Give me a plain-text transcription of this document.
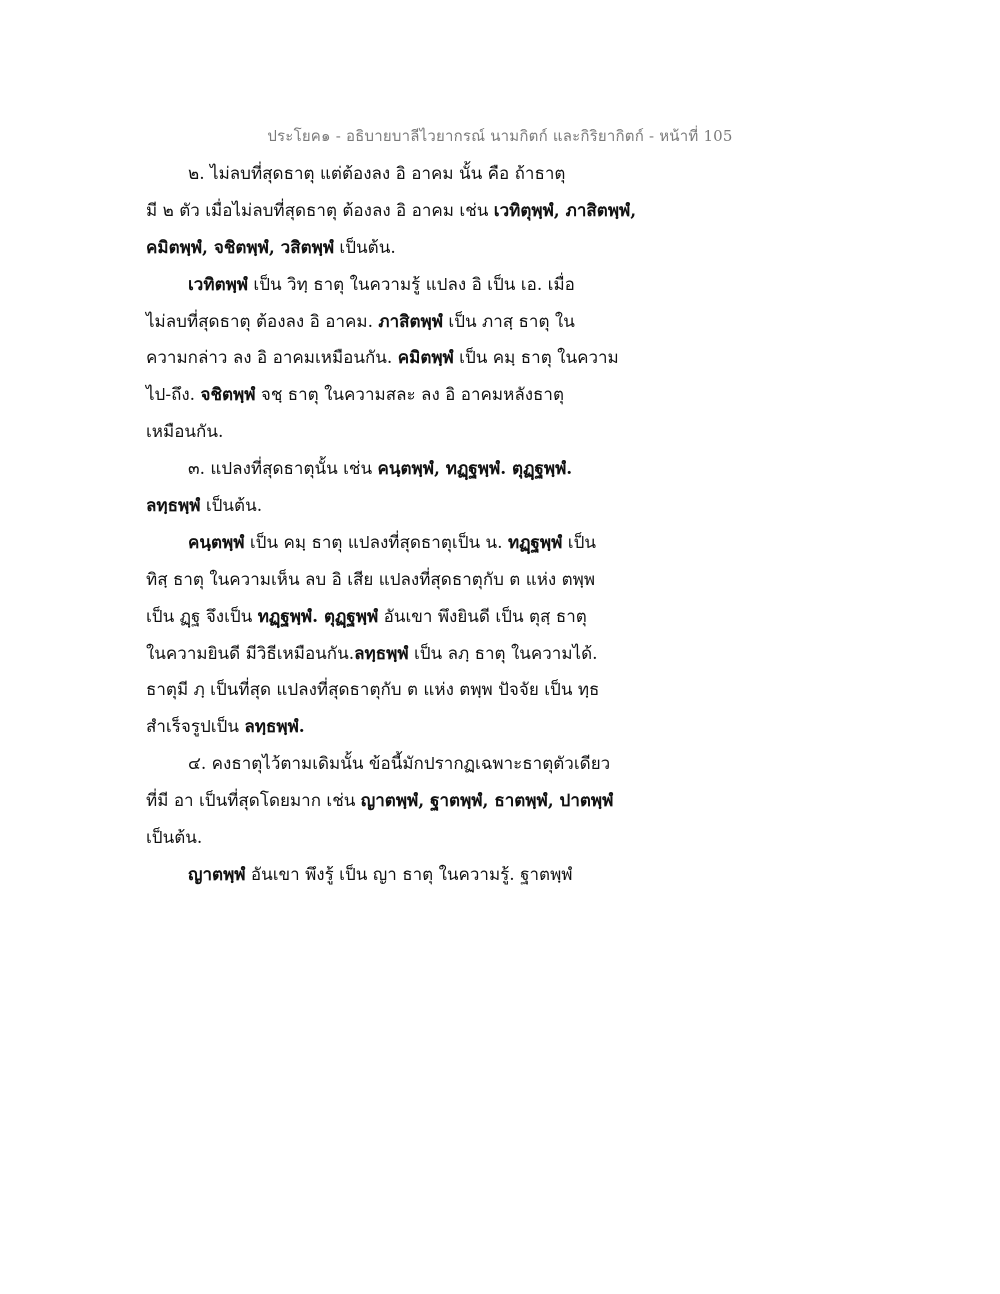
ประโยค๑ - อธิบายบาลีไวยากรณ์ นามกิตก์ และกิริยากิตก์ - หน้าที่ 105
๒. ไม่ลบที่สุดธาตุ แต่ต้องลง อิ อาคม นั้น คือ ถ้าธาตุ
มี ๒ ตัว เมื่อไม่ลบที่สุดธาตุ ต้องลง อิ อาคม เช่น เวทิตุพฺพํ, ภาสิตพฺพํ,
คมิตพฺพํ, จชิตพฺพํ, วสิตพฺพํ เป็นต้น.
เวทิตพฺพํ เป็น วิทฺ ธาตุ ในความรู้ แปลง อิ เป็น เอ. เมื่อ
ไม่ลบที่สุดธาตุ ต้องลง อิ อาคม. ภาสิตพฺพํ เป็น ภาสฺ ธาตุ ใน
ความกล่าว ลง อิ อาคมเหมือนกัน. คมิตพฺพํ เป็น คมฺ ธาตุ ในความ
ไป-ถึง. จชิตพฺพํ จชฺ ธาตุ ในความสละ ลง อิ อาคมหลังธาตุ
เหมือนกัน.
๓. แปลงที่สุดธาตุนั้น เช่น คนฺตพฺพํ, ทฏฺฐพฺพํ. ตุฏฺฐพฺพํ.
ลทฺธพฺพํ เป็นต้น.
คนฺตพฺพํ เป็น คมฺ ธาตุ แปลงที่สุดธาตุเป็น น. ทฏฺฐพฺพํ เป็น
ทิสฺ ธาตุ ในความเห็น ลบ อิ เสีย แปลงที่สุดธาตุกับ ต แห่ง ตพฺพ
เป็น ฏฺฐ จึงเป็น ทฏฺฐพฺพํ. ตุฏฺฐพฺพํ อันเขา พึงยินดี เป็น ตุสฺ ธาตุ
ในความยินดี มีวิธีเหมือนกัน.ลทฺธพฺพํ เป็น ลภฺ ธาตุ ในความได้.
ธาตุมี ภฺ เป็นที่สุด แปลงที่สุดธาตุกับ ต แห่ง ตพฺพ ปัจจัย เป็น ทฺธ
สำเร็จรูปเป็น ลทฺธพฺพํ.
๔. คงธาตุไว้ตามเดิมนั้น ข้อนี้มักปรากฏเฉพาะธาตุตัวเดียว
ที่มี อา เป็นที่สุดโดยมาก เช่น ญาตพฺพํ, ฐาตพฺพํ, ธาตพฺพํ, ปาตพฺพํ
เป็นต้น.
ญาตพฺพํ อันเขา พึงรู้ เป็น ญา ธาตุ ในความรู้. ฐาตพฺพํ
